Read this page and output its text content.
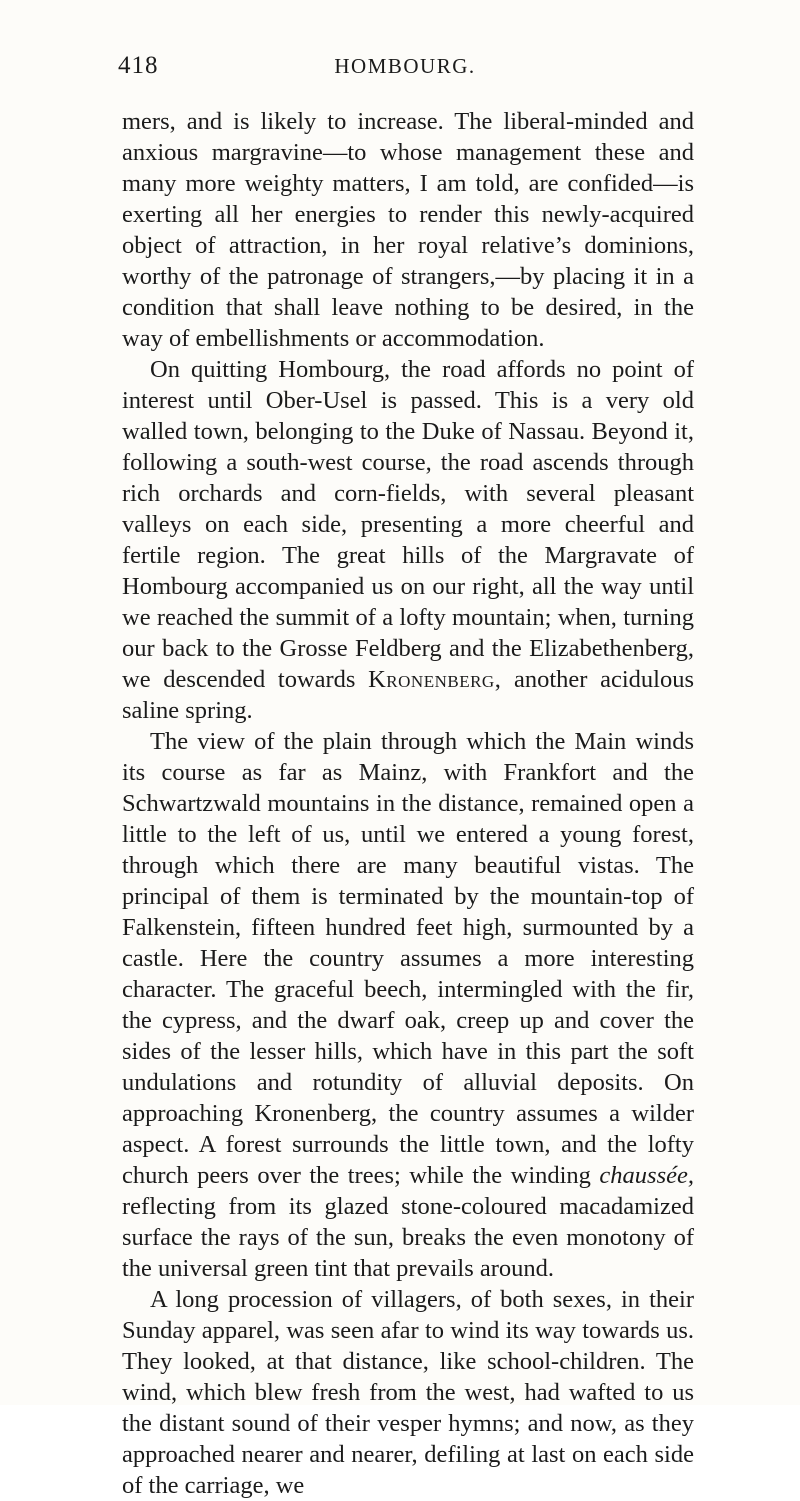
418	HOMBOURG.

mers, and is likely to increase. The liberal-minded and anxious margravine—to whose management these and many more weighty matters, I am told, are confided—is exerting all her energies to render this newly-acquired object of attraction, in her royal relative’s dominions, worthy of the patronage of strangers,—by placing it in a condition that shall leave nothing to be desired, in the way of embellishments or accommodation.

On quitting Hombourg, the road affords no point of interest until Ober-Usel is passed. This is a very old walled town, belonging to the Duke of Nassau. Beyond it, following a south-west course, the road ascends through rich orchards and corn-fields, with several pleasant valleys on each side, presenting a more cheerful and fertile region. The great hills of the Margravate of Hombourg accompanied us on our right, all the way until we reached the summit of a lofty mountain; when, turning our back to the Grosse Feldberg and the Elizabethenberg, we descended towards Kronenberg, another acidulous saline spring.

The view of the plain through which the Main winds its course as far as Mainz, with Frankfort and the Schwartzwald mountains in the distance, remained open a little to the left of us, until we entered a young forest, through which there are many beautiful vistas. The principal of them is terminated by the mountain-top of Falkenstein, fifteen hundred feet high, surmounted by a castle. Here the country assumes a more interesting character. The graceful beech, intermingled with the fir, the cypress, and the dwarf oak, creep up and cover the sides of the lesser hills, which have in this part the soft undulations and rotundity of alluvial deposits. On approaching Kronenberg, the country assumes a wilder aspect. A forest surrounds the little town, and the lofty church peers over the trees; while the winding chaussée, reflecting from its glazed stone-coloured macadamized surface the rays of the sun, breaks the even monotony of the universal green tint that prevails around.

A long procession of villagers, of both sexes, in their Sunday apparel, was seen afar to wind its way towards us. They looked, at that distance, like school-children. The wind, which blew fresh from the west, had wafted to us the distant sound of their vesper hymns; and now, as they approached nearer and nearer, defiling at last on each side of the carriage, we
